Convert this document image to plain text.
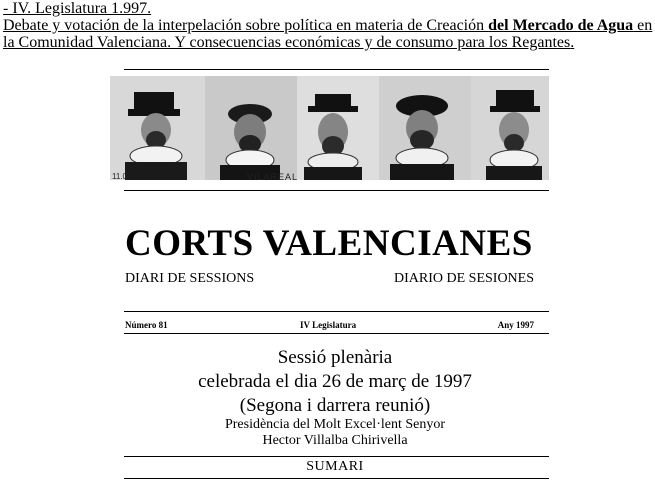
- IV. Legislatura 1.997.
Debate y votación de la interpelación sobre política en materia de Creación del Mercado de Agua en
la Comunidad Valenciana. Y consecuencias económicas y de consumo para los Regantes.
11.0	VILAREAL
CORTS VALENCIANES
DIARI DE SESSIONS	DIARIO DE SESIONES
Número 81	IV Legislatura	Any 1997
Sessió plenària
celebrada el dia 26 de març de 1997
(Segona i darrera reunió)
Presidència del Molt Excel·lent Senyor
Hector Villalba Chirivella
SUMARI
